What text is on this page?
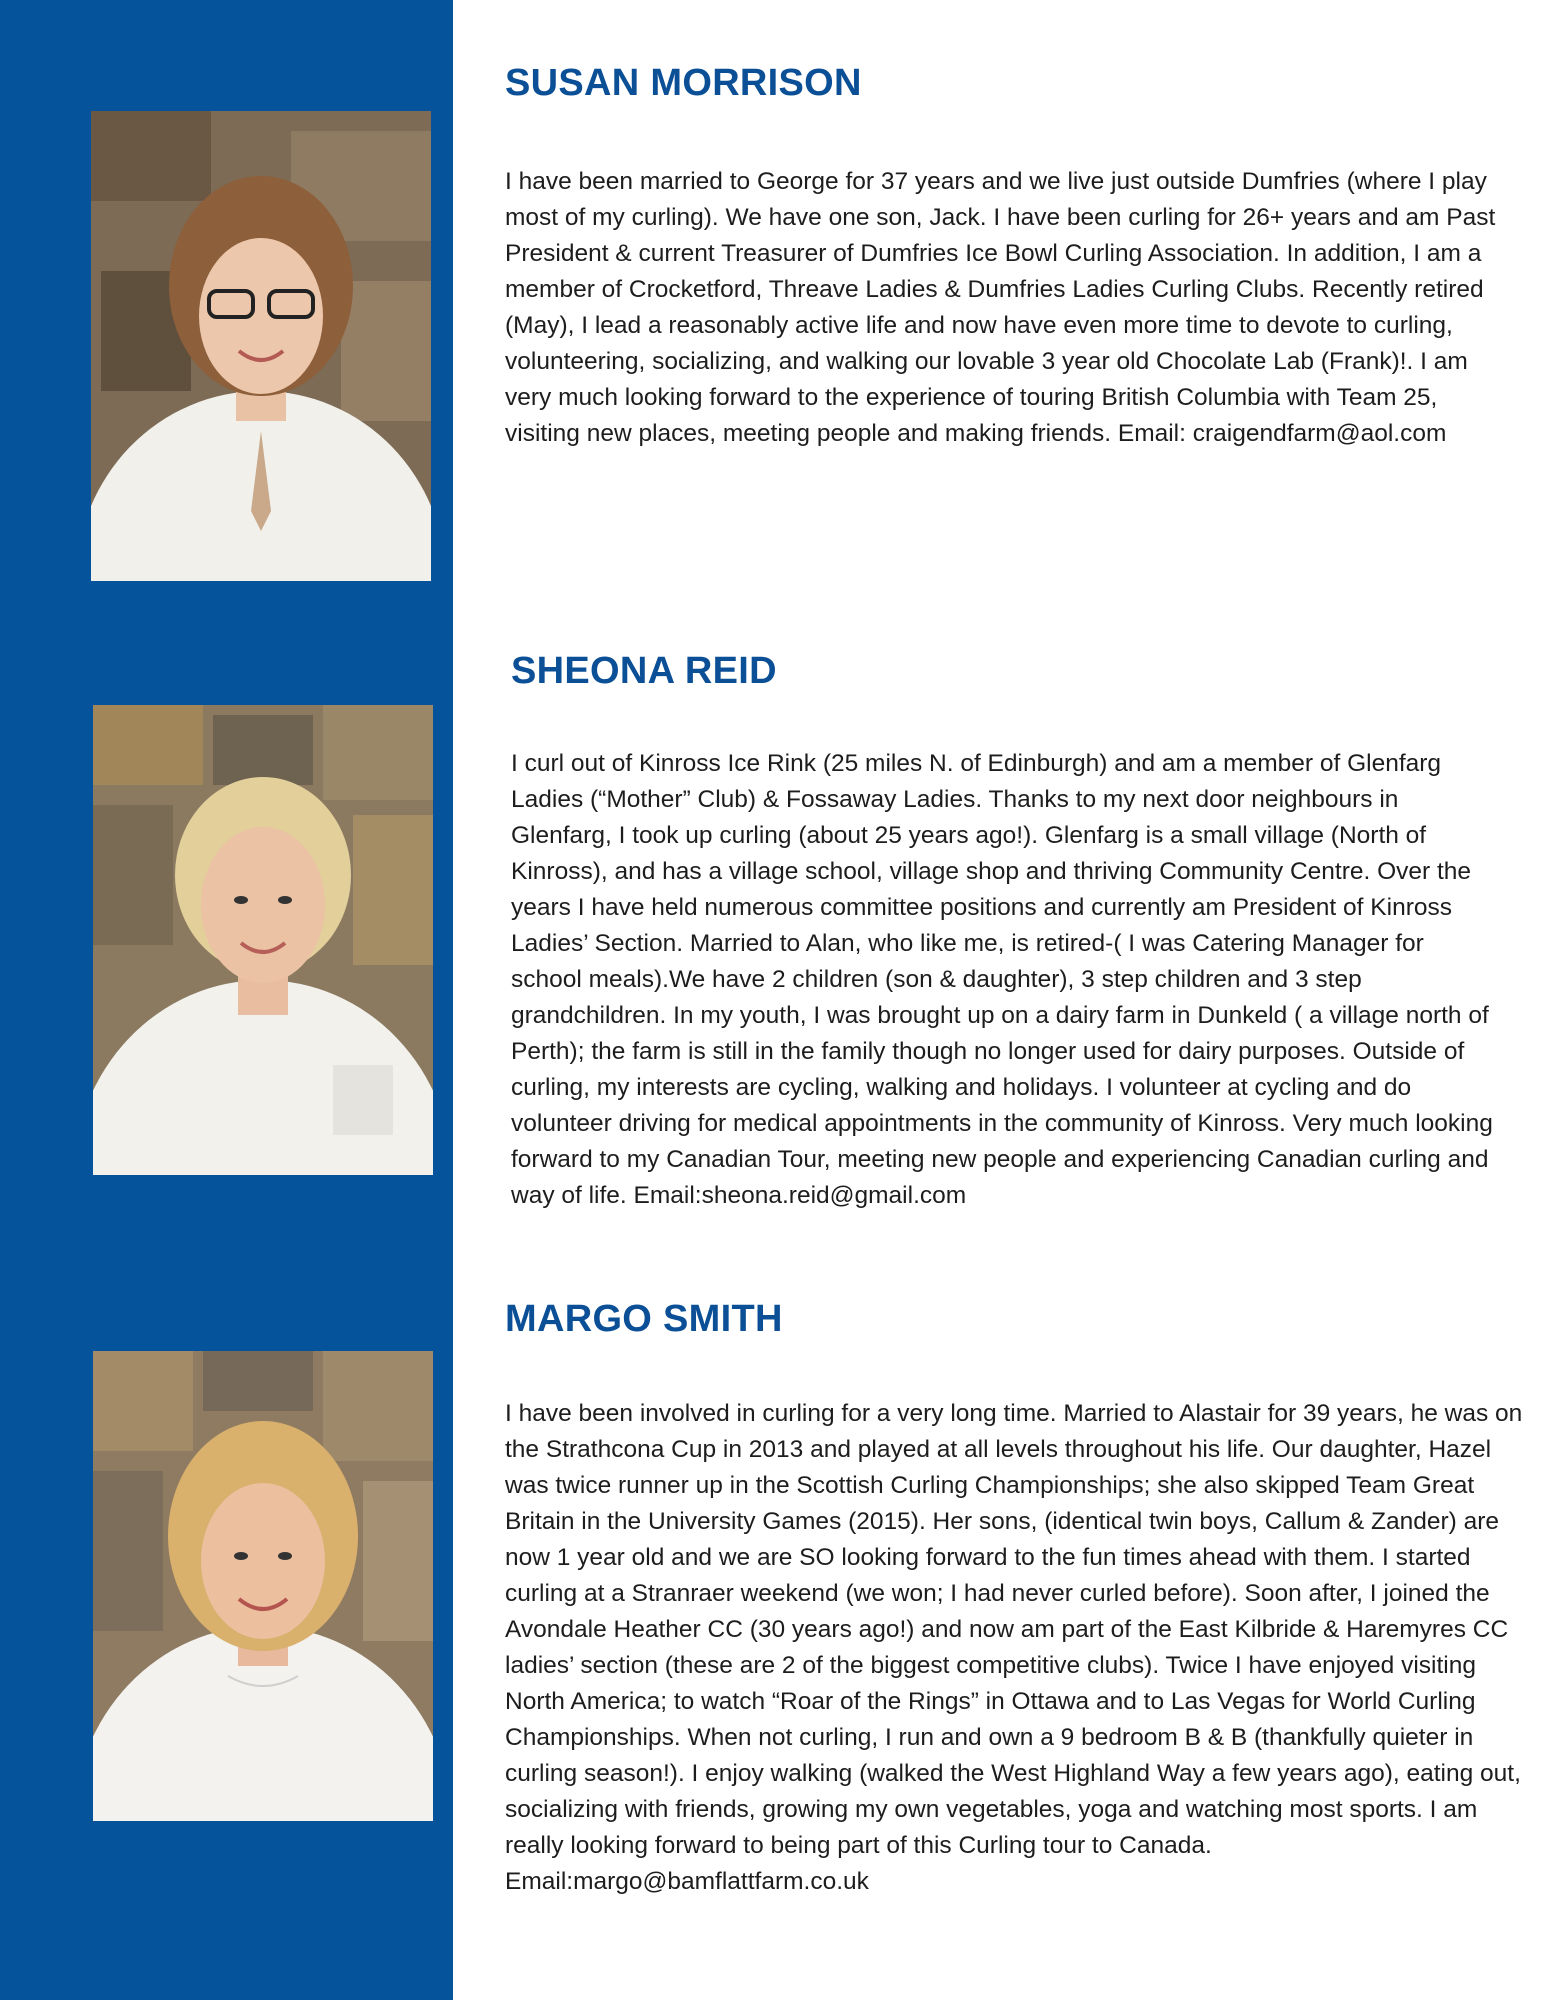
SUSAN MORRISON

I have been married to George for 37 years and we live just outside Dumfries (where I play most of my curling). We have one son, Jack. I have been curling for 26+ years and am Past President & current Treasurer of Dumfries Ice Bowl Curling Association. In addition, I am a member of Crocketford, Threave Ladies & Dumfries Ladies Curling Clubs. Recently retired (May), I lead a reasonably active life and now have even more time to devote to curling, volunteering, socializing, and walking our lovable 3 year old Chocolate Lab (Frank)!. I am very much looking forward to the experience of touring British Columbia with Team 25, visiting new places, meeting people and making friends. Email: craigendfarm@aol.com

SHEONA REID

I curl out of Kinross Ice Rink (25 miles N. of Edinburgh) and am a member of Glenfarg Ladies (“Mother” Club) & Fossaway Ladies. Thanks to my next door neighbours in Glenfarg, I took up curling (about 25 years ago!). Glenfarg is a small village (North of Kinross), and has a village school, village shop and thriving Community Centre. Over the years I have held numerous committee positions and currently am President of Kinross Ladies’ Section. Married to Alan, who like me, is retired-( I was Catering Manager for school meals).We have 2 children (son & daughter), 3 step children and 3 step grandchildren. In my youth, I was brought up on a dairy farm in Dunkeld ( a village north of Perth); the farm is still in the family though no longer used for dairy purposes. Outside of curling, my interests are cycling, walking and holidays. I volunteer at cycling and do volunteer driving for medical appointments in the community of Kinross. Very much looking forward to my Canadian Tour, meeting new people and experiencing Canadian curling and way of life. Email:sheona.reid@gmail.com

MARGO SMITH

I have been involved in curling for a very long time. Married to Alastair for 39 years, he was on the Strathcona Cup in 2013 and played at all levels throughout his life. Our daughter, Hazel was twice runner up in the Scottish Curling Championships; she also skipped Team Great Britain in the University Games (2015). Her sons, (identical twin boys, Callum & Zander) are now 1 year old and we are SO looking forward to the fun times ahead with them. I started curling at a Stranraer weekend (we won; I had never curled before). Soon after, I joined the Avondale Heather CC (30 years ago!) and now am part of the East Kilbride & Haremyres CC ladies’ section (these are 2 of the biggest competitive clubs). Twice I have enjoyed visiting North America; to watch “Roar of the Rings” in Ottawa and to Las Vegas for World Curling Championships. When not curling, I run and own a 9 bedroom B & B (thankfully quieter in curling season!). I enjoy walking (walked the West Highland Way a few years ago), eating out, socializing with friends, growing my own vegetables, yoga and watching most sports. I am really looking forward to being part of this Curling tour to Canada. Email:margo@bamflattfarm.co.uk
